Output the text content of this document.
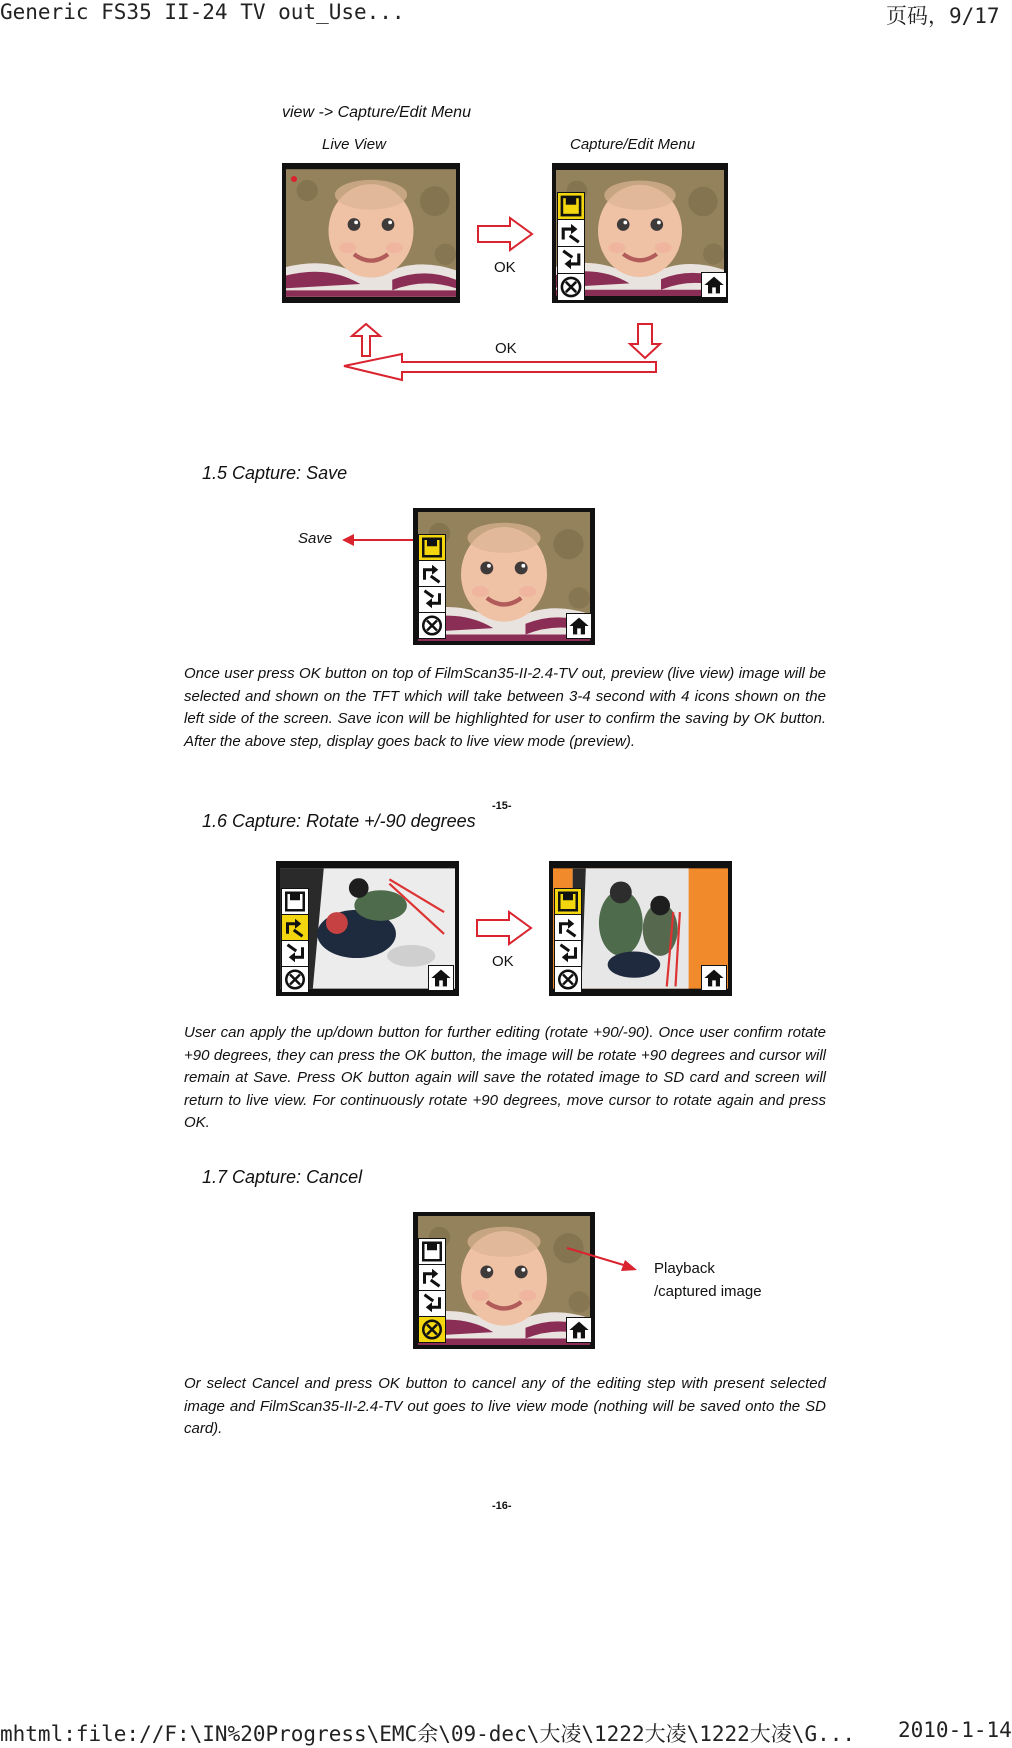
Generic FS35 II-24 TV out_Use...	页码，9/17
view -> Capture/Edit Menu
Live View	Capture/Edit Menu
OK
OK
1.5 Capture: Save
Save
Once user press OK button on top of FilmScan35-II-2.4-TV out, preview (live view) image will be selected and shown on the TFT which will take between 3-4 second with 4 icons shown on the left side of the screen. Save icon will be highlighted for user to confirm the saving by OK button. After the above step, display goes back to live view mode (preview).
-15-
1.6 Capture: Rotate +/-90 degrees
OK
User can apply the up/down button for further editing (rotate +90/-90). Once user confirm rotate +90 degrees, they can press the OK button, the image will be rotate +90 degrees and cursor will remain at Save. Press OK button again will save the rotated image to SD card and screen will return to live view. For continuously rotate +90 degrees, move cursor to rotate again and press OK.
1.7 Capture: Cancel
Playback
/captured image
Or select Cancel and press OK button to cancel any of the editing step with present selected image and FilmScan35-II-2.4-TV out goes to live view mode (nothing will be saved onto the SD card).
-16-
mhtml:file://F:\IN%20Progress\EMC余\09-dec\大凌\1222大凌\1222大凌\G... 2010-1-14
